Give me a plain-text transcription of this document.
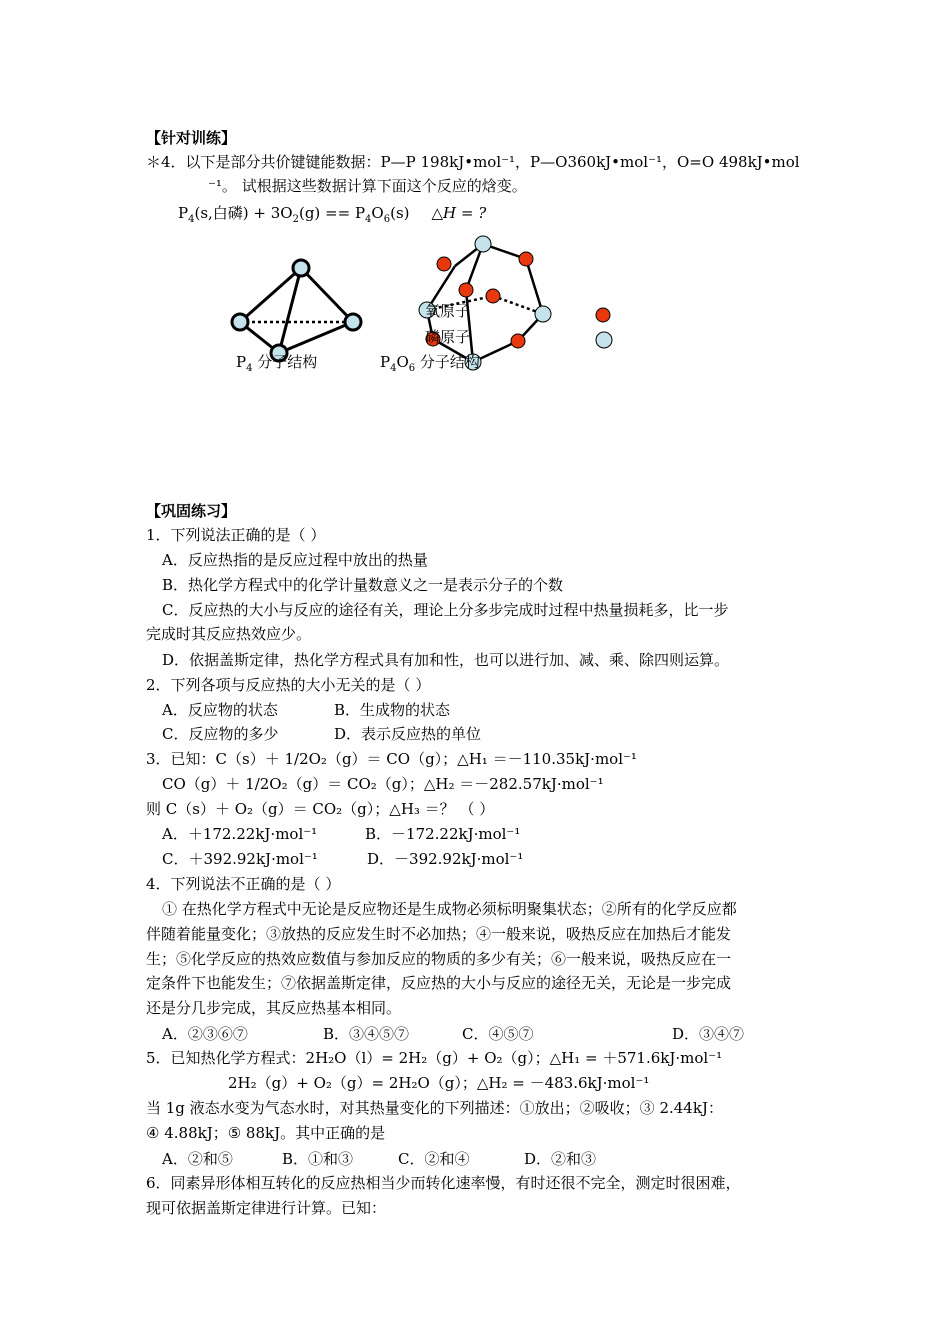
【针对训练】
＊4．以下是部分共价键键能数据：P—P 198kJ•mol⁻¹，P—O360kJ•mol⁻¹，O=O 498kJ•mol
⁻¹。 试根据这些数据计算下面这个反应的焓变。
$P_4(s$,白磷) + $3O_2(g) == P_4O_6(s)$ △H = ?
氧原子
磷原子
$P_4$ 分子结构	$P_4O_6$ 分子结构
【巩固练习】
1．下列说法正确的是（ ）
A．反应热指的是反应过程中放出的热量
B．热化学方程式中的化学计量数意义之一是表示分子的个数
C．反应热的大小与反应的途径有关，理论上分多步完成时过程中热量损耗多，比一步
完成时其反应热效应少。
D．依据盖斯定律，热化学方程式具有加和性，也可以进行加、减、乘、除四则运算。
2．下列各项与反应热的大小无关的是（ ）
A．反应物的状态	B．生成物的状态
C．反应物的多少	D．表示反应热的单位
3．已知：C（s）＋ 1/2O₂（g）＝ CO（g）；△H₁ ＝－110.35kJ·mol⁻¹
CO（g）＋ 1/2O₂（g）＝ CO₂（g）；△H₂ ＝－282.57kJ·mol⁻¹
则 C（s）＋ O₂（g）＝ CO₂（g）；△H₃ ＝？ （ ）
A．＋172.22kJ·mol⁻¹	B．－172.22kJ·mol⁻¹
C．＋392.92kJ·mol⁻¹	D．－392.92kJ·mol⁻¹
4．下列说法不正确的是（ ）
① 在热化学方程式中无论是反应物还是生成物必须标明聚集状态；②所有的化学反应都
伴随着能量变化；③放热的反应发生时不必加热；④一般来说，吸热反应在加热后才能发
生；⑤化学反应的热效应数值与参加反应的物质的多少有关；⑥一般来说，吸热反应在一
定条件下也能发生；⑦依据盖斯定律，反应热的大小与反应的途径无关，无论是一步完成
还是分几步完成，其反应热基本相同。
A．②③⑥⑦	B．③④⑤⑦	C．④⑤⑦	D．③④⑦
5．已知热化学方程式：2H₂O（l）= 2H₂（g）+ O₂（g）；△H₁ = ＋571.6kJ·mol⁻¹
2H₂（g）+ O₂（g）= 2H₂O（g）；△H₂ = －483.6kJ·mol⁻¹
当 1g 液态水变为气态水时，对其热量变化的下列描述：①放出；②吸收；③ 2.44kJ：
④ 4.88kJ；⑤ 88kJ。其中正确的是
A．②和⑤	B．①和③	C．②和④	D．②和③
6．同素异形体相互转化的反应热相当少而转化速率慢，有时还很不完全，测定时很困难，
现可依据盖斯定律进行计算。已知：
